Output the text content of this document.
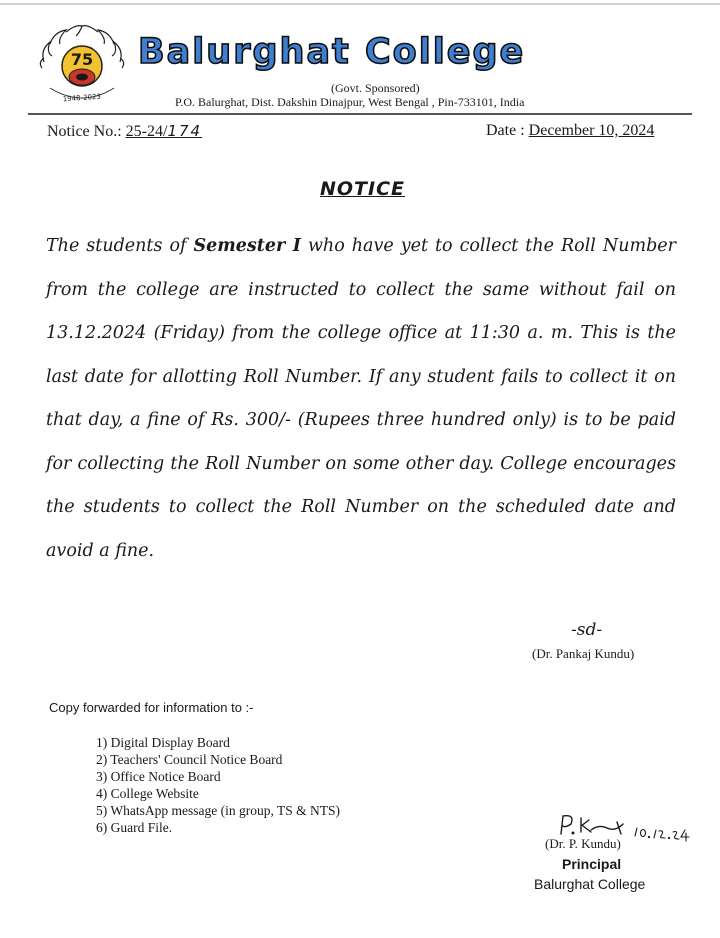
75
1948-2023
Balurghat College
(Govt. Sponsored)
P.O. Balurghat, Dist. Dakshin Dinajpur, West Bengal , Pin-733101, India
Notice No.: 25-24/174	Date : December 10, 2024
NOTICE

The students of Semester I who have yet to collect the Roll Number from the college are instructed to collect the same without fail on 13.12.2024 (Friday) from the college office at 11:30 a. m. This is the last date for allotting Roll Number. If any student fails to collect it on that day, a fine of Rs. 300/- (Rupees three hundred only) is to be paid for collecting the Roll Number on some other day. College encourages the students to collect the Roll Number on the scheduled date and avoid a fine.

-sd-
(Dr. Pankaj Kundu)
Copy forwarded for information to :-
1) Digital Display Board
2) Teachers' Council Notice Board
3) Office Notice Board
4) College Website
5) WhatsApp message (in group, TS & NTS)
6) Guard File.
(Dr. P. Kundu)
Principal
Balurghat College
